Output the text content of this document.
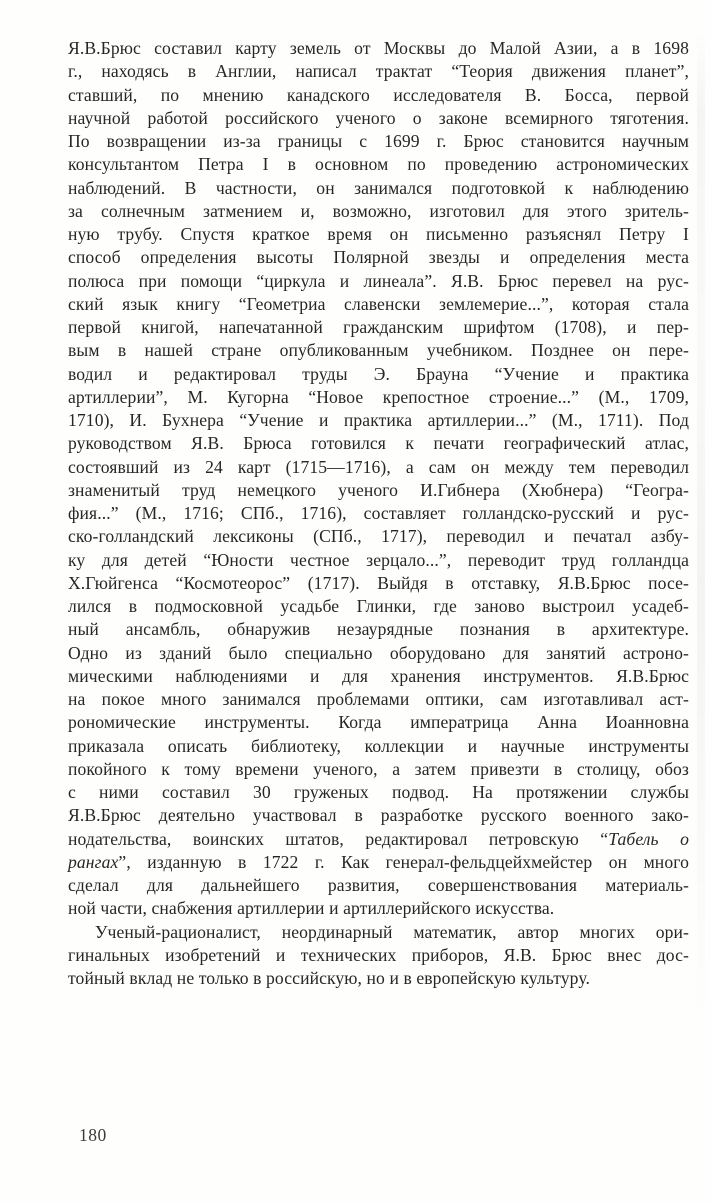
Я.В.Брюс составил карту земель от Москвы до Малой Азии, а в 1698
г., находясь в Англии, написал трактат “Теория движения планет”,
ставший, по мнению канадского исследователя В. Босса, первой
научной работой российского ученого о законе всемирного тяготения.
По возвращении из-за границы с 1699 г. Брюс становится научным
консультантом Петра I в основном по проведению астрономических
наблюдений. В частности, он занимался подготовкой к наблюдению
за солнечным затмением и, возможно, изготовил для этого зритель-
ную трубу. Спустя краткое время он письменно разъяснял Петру I
способ определения высоты Полярной звезды и определения места
полюса при помощи “циркула и линеала”. Я.В. Брюс перевел на рус-
ский язык книгу “Геометриа славенски землемерие...”, которая стала
первой книгой, напечатанной гражданским шрифтом (1708), и пер-
вым в нашей стране опубликованным учебником. Позднее он пере-
водил и редактировал труды Э. Брауна “Учение и практика
артиллерии”, М. Кугорна “Новое крепостное строение...” (М., 1709,
1710), И. Бухнера “Учение и практика артиллерии...” (М., 1711). Под
руководством Я.В. Брюса готовился к печати географический атлас,
состоявший из 24 карт (1715—1716), а сам он между тем переводил
знаменитый труд немецкого ученого И.Гибнера (Хюбнера) “Геогра-
фия...” (М., 1716; СПб., 1716), составляет голландско-русский и рус-
ско-голландский лексиконы (СПб., 1717), переводил и печатал азбу-
ку для детей “Юности честное зерцало...”, переводит труд голландца
Х.Гюйгенса “Космотеорос” (1717). Выйдя в отставку, Я.В.Брюс посе-
лился в подмосковной усадьбе Глинки, где заново выстроил усадеб-
ный ансамбль, обнаружив незаурядные познания в архитектуре.
Одно из зданий было специально оборудовано для занятий астроно-
мическими наблюдениями и для хранения инструментов. Я.В.Брюс
на покое много занимался проблемами оптики, сам изготавливал аст-
рономические инструменты. Когда императрица Анна Иоанновна
приказала описать библиотеку, коллекции и научные инструменты
покойного к тому времени ученого, а затем привезти в столицу, обоз
с ними составил 30 груженых подвод. На протяжении службы
Я.В.Брюс деятельно участвовал в разработке русского военного зако-
нодательства, воинских штатов, редактировал петровскую “Табель о
рангах”, изданную в 1722 г. Как генерал-фельдцейхмейстер он много
сделал для дальнейшего развития, совершенствования материаль-
ной части, снабжения артиллерии и артиллерийского искусства.
Ученый-рационалист, неординарный математик, автор многих ори-
гинальных изобретений и технических приборов, Я.В. Брюс внес дос-
тойный вклад не только в российскую, но и в европейскую культуру.
180
